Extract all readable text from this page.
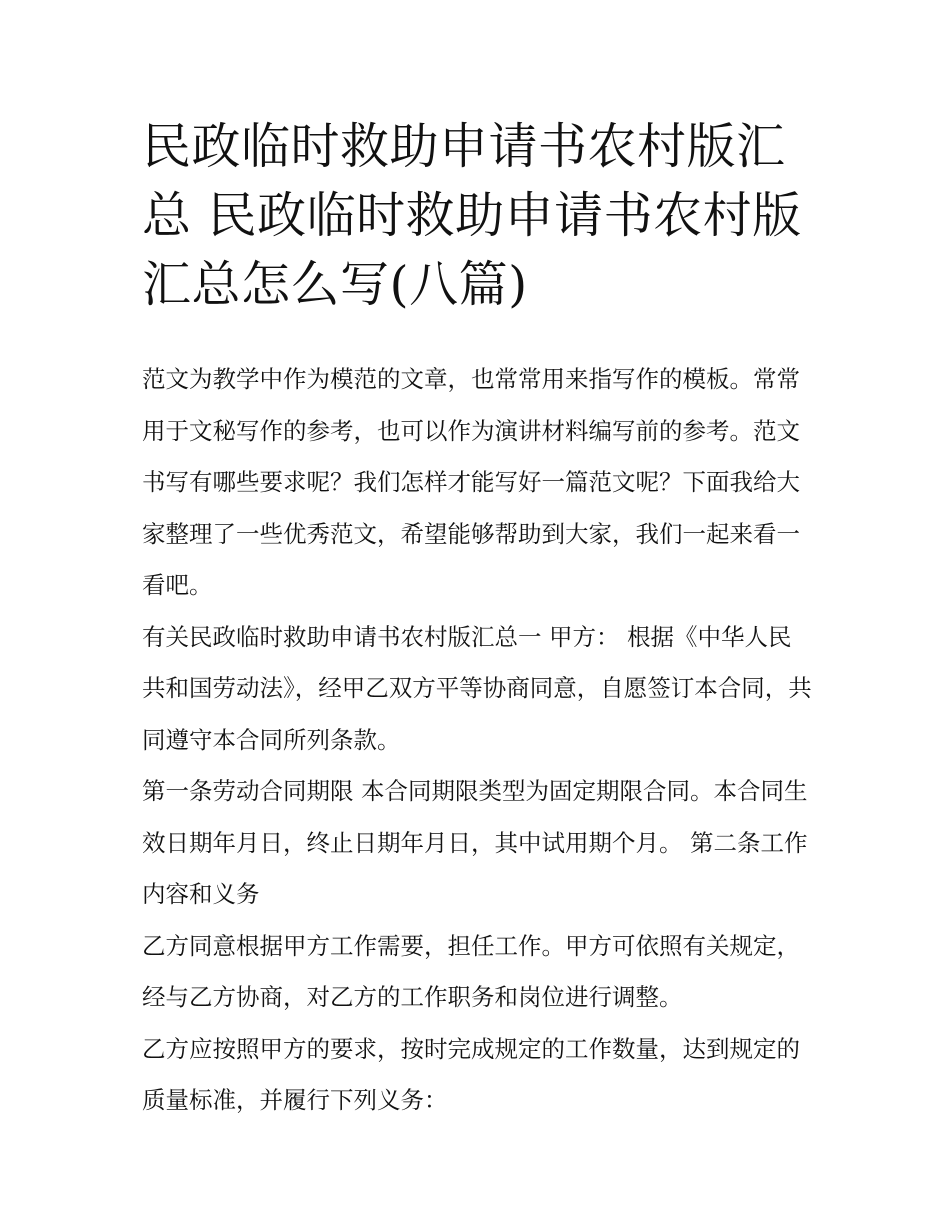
民政临时救助申请书农村版汇总 民政临时救助申请书农村版汇总怎么写(八篇)

范文为教学中作为模范的文章，也常常用来指写作的模板。常常用于文秘写作的参考，也可以作为演讲材料编写前的参考。范文书写有哪些要求呢？我们怎样才能写好一篇范文呢？下面我给大家整理了一些优秀范文，希望能够帮助到大家，我们一起来看一看吧。

有关民政临时救助申请书农村版汇总一 甲方： 根据《中华人民共和国劳动法》，经甲乙双方平等协商同意，自愿签订本合同，共同遵守本合同所列条款。

第一条劳动合同期限 本合同期限类型为固定期限合同。本合同生效日期年月日，终止日期年月日，其中试用期个月。 第二条工作内容和义务

乙方同意根据甲方工作需要，担任工作。甲方可依照有关规定，经与乙方协商，对乙方的工作职务和岗位进行调整。

乙方应按照甲方的要求，按时完成规定的工作数量，达到规定的质量标准，并履行下列义务：
